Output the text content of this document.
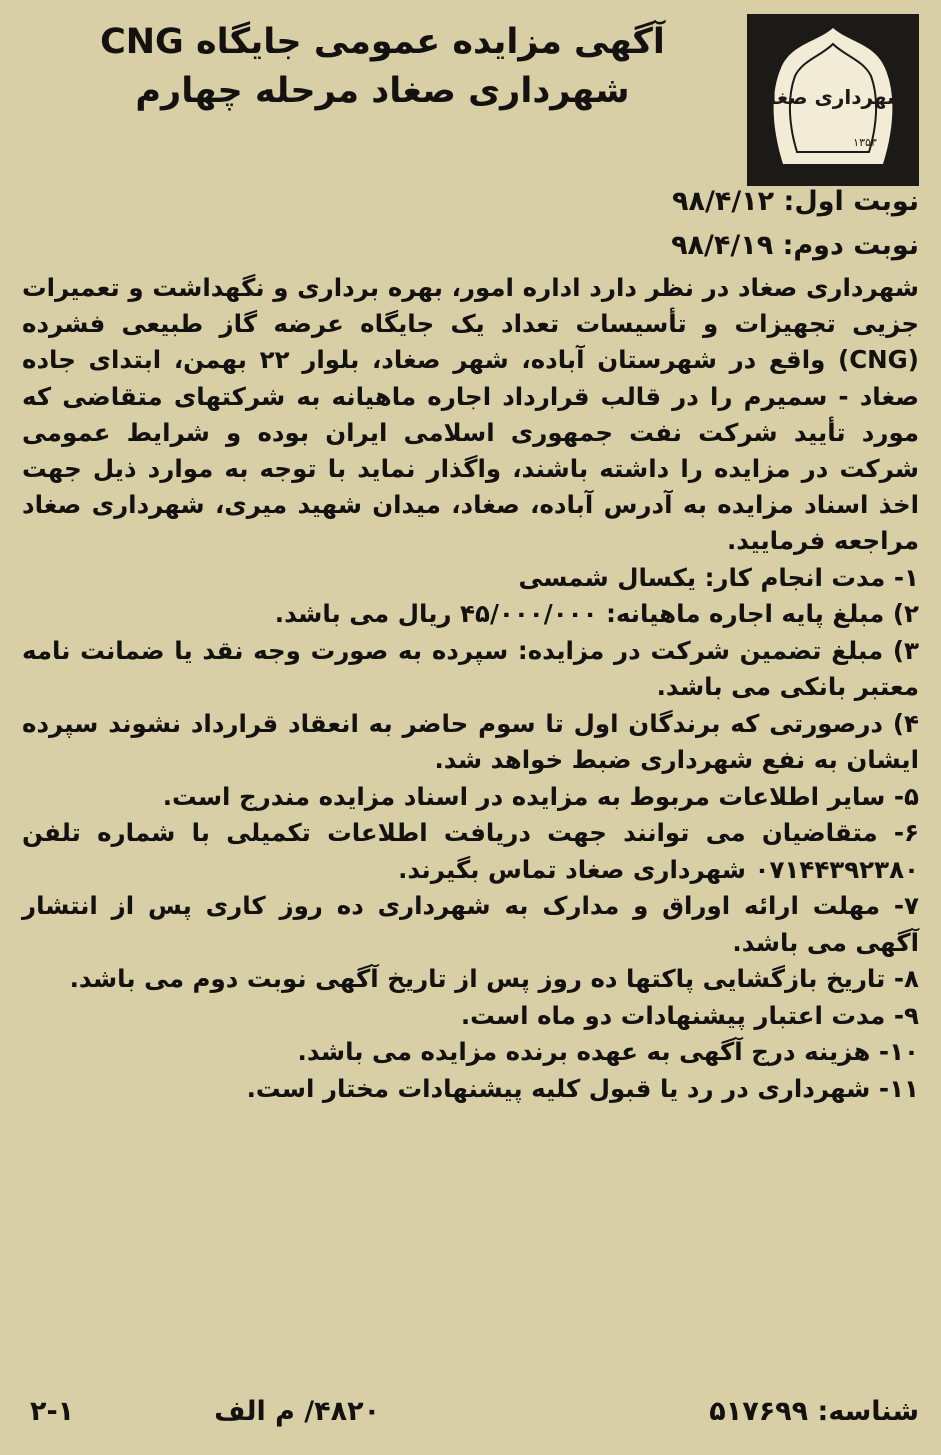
شهرداری صغاد
۱۳۵۳
آگهی مزایده عمومی جایگاه CNG
شهرداری صغاد مرحله چهارم
نوبت اول: ۹۸/۴/۱۲
نوبت دوم: ۹۸/۴/۱۹
شهرداری صغاد در نظر دارد اداره امور، بهره برداری و نگهداشت و تعمیرات جزیی تجهیزات و تأسیسات تعداد یک جایگاه عرضه گاز طبیعی فشرده (CNG) واقع در شهرستان آباده، شهر صغاد، بلوار ۲۲ بهمن، ابتدای جاده صغاد - سمیرم را در قالب قرارداد اجاره ماهیانه به شرکتهای متقاضی که مورد تأیید شرکت نفت جمهوری اسلامی ایران بوده و شرایط عمومی شرکت در مزایده را داشته باشند، واگذار نماید با توجه به موارد ذیل جهت اخذ اسناد مزایده به آدرس آباده، صغاد، میدان شهید میری، شهرداری صغاد مراجعه فرمایید.
۱- مدت انجام کار: یکسال شمسی
۲) مبلغ پایه اجاره ماهیانه: ۴۵/۰۰۰/۰۰۰ ریال می باشد.
۳) مبلغ تضمین شرکت در مزایده: سپرده به صورت وجه نقد یا ضمانت نامه معتبر بانکی می باشد.
۴) درصورتی که برندگان اول تا سوم حاضر به انعقاد قرارداد نشوند سپرده ایشان به نفع شهرداری ضبط خواهد شد.
۵- سایر اطلاعات مربوط به مزایده در اسناد مزایده مندرج است.
۶- متقاضیان می توانند جهت دریافت اطلاعات تکمیلی با شماره تلفن ۰۷۱۴۴۳۹۲۳۸۰ شهرداری صغاد تماس بگیرند.
۷- مهلت ارائه اوراق و مدارک به شهرداری ده روز کاری پس از انتشار آگهی می باشد.
۸- تاریخ بازگشایی پاکتها ده روز پس از تاریخ آگهی نوبت دوم می باشد.
۹- مدت اعتبار پیشنهادات دو ماه است.
۱۰- هزینه درج آگهی به عهده برنده مزایده می باشد.
۱۱- شهرداری در رد یا قبول کلیه پیشنهادات مختار است.
شناسه: ۵۱۷۶۹۹
۴۸۲۰/ م الف
۲-۱
